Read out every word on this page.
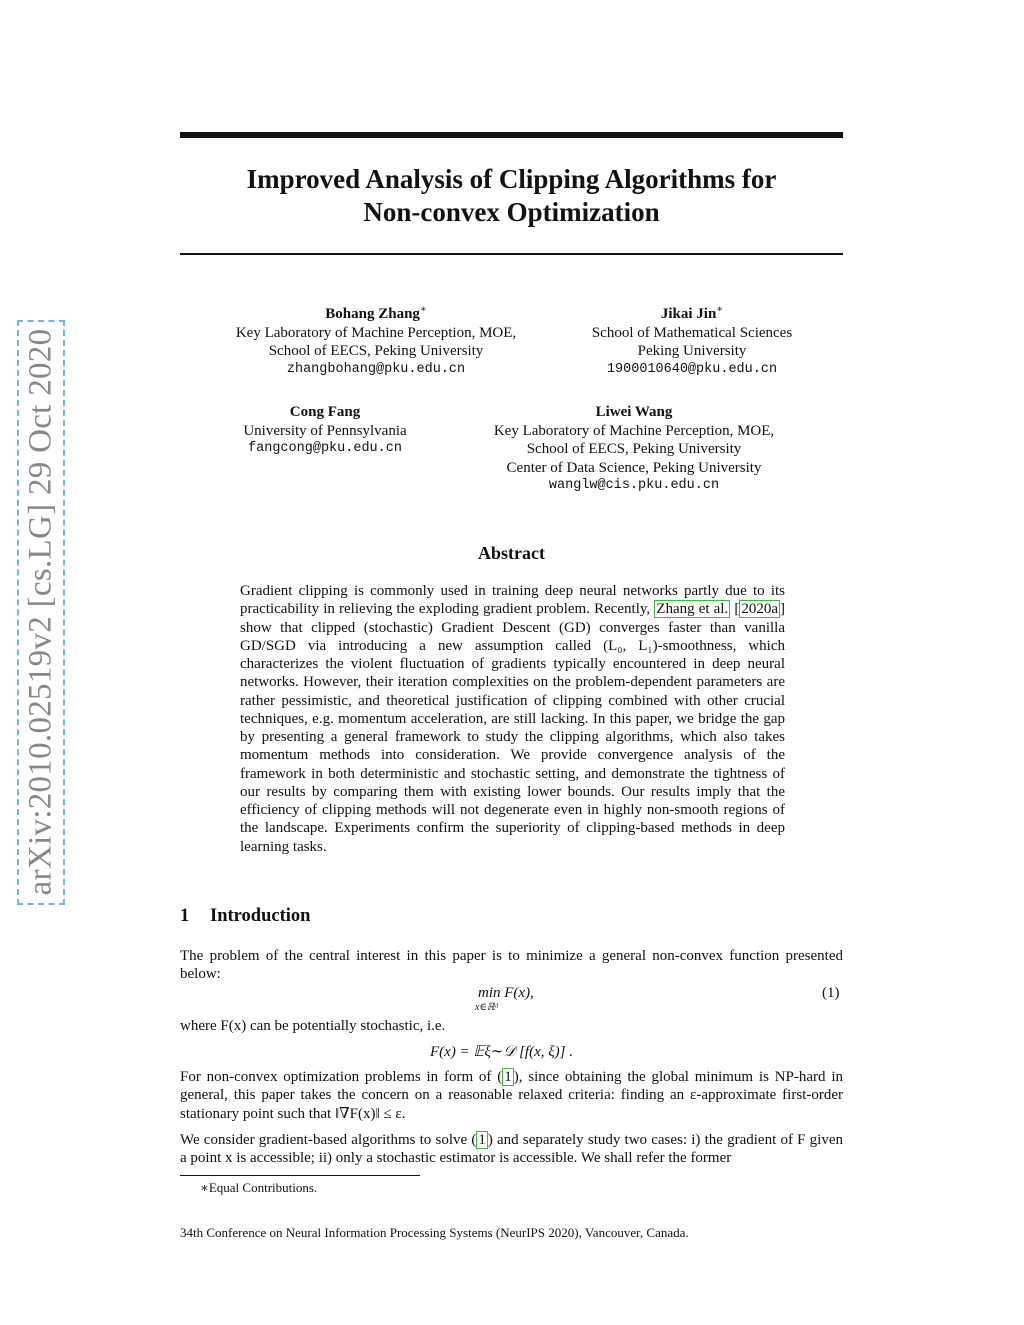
arXiv:2010.02519v2 [cs.LG] 29 Oct 2020
Improved Analysis of Clipping Algorithms for
Non-convex Optimization
Bohang Zhang∗
Key Laboratory of Machine Perception, MOE,
School of EECS, Peking University
zhangbohang@pku.edu.cn
Jikai Jin∗
School of Mathematical Sciences
Peking University
1900010640@pku.edu.cn
Cong Fang
University of Pennsylvania
fangcong@pku.edu.cn
Liwei Wang
Key Laboratory of Machine Perception, MOE,
School of EECS, Peking University
Center of Data Science, Peking University
wanglw@cis.pku.edu.cn
Abstract
Gradient clipping is commonly used in training deep neural networks partly due to its practicability in relieving the exploding gradient problem. Recently, Zhang et al. [ 2020a ] show that clipped (stochastic) Gradient Descent (GD) converges faster than vanilla GD/SGD via introducing a new assumption called (L₀, L₁)-smoothness, which characterizes the violent fluctuation of gradients typically encountered in deep neural networks. However, their iteration complexities on the problem-dependent parameters are rather pessimistic, and theoretical justification of clipping combined with other crucial techniques, e.g. momentum acceleration, are still lacking. In this paper, we bridge the gap by presenting a general framework to study the clipping algorithms, which also takes momentum methods into consideration. We provide convergence analysis of the framework in both deterministic and stochastic setting, and demonstrate the tightness of our results by comparing them with existing lower bounds. Our results imply that the efficiency of clipping methods will not degenerate even in highly non-smooth regions of the landscape. Experiments confirm the superiority of clipping-based methods in deep learning tasks.
1 Introduction
The problem of the central interest in this paper is to minimize a general non-convex function presented below:
min F(x),
x∈ℝᵈ
(1)
where F(x) can be potentially stochastic, i.e.
F(x) = 𝔼ξ∼𝒟 [f(x, ξ)] .
For non-convex optimization problems in form of ( 1 ), since obtaining the global minimum is NP-hard in general, this paper takes the concern on a reasonable relaxed criteria: finding an ε-approximate first-order stationary point such that ‖∇F(x)‖ ≤ ε.
We consider gradient-based algorithms to solve ( 1 ) and separately study two cases: i) the gradient of F given a point x is accessible; ii) only a stochastic estimator is accessible. We shall refer the former
∗Equal Contributions.
34th Conference on Neural Information Processing Systems (NeurIPS 2020), Vancouver, Canada.
